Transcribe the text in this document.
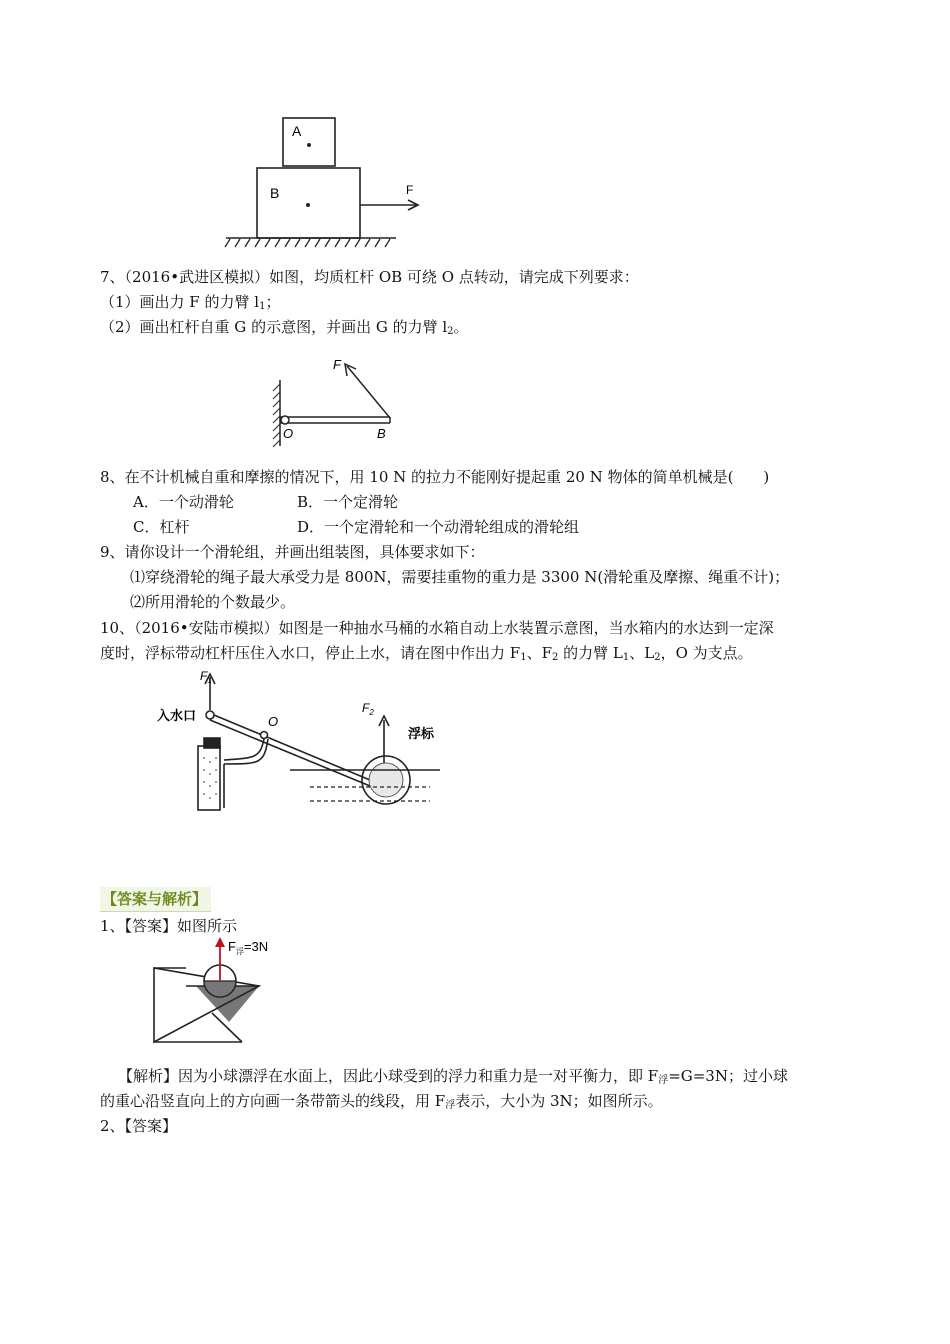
A
B	F
7、（2016•武进区模拟）如图，均质杠杆 OB 可绕 O 点转动，请完成下列要求：
（1）画出力 F 的力臂 $l_1$；
（2）画出杠杆自重 G 的示意图，并画出 G 的力臂 $l_2$。
F
O	B
8、在不计机械自重和摩擦的情况下，用 10 N 的拉力不能刚好提起重 20 N 物体的简单机械是(　　)
A．一个动滑轮	B．一个定滑轮
C．杠杆	D．一个定滑轮和一个动滑轮组成的滑轮组
9、请你设计一个滑轮组，并画出组装图，具体要求如下：
⑴穿绕滑轮的绳子最大承受力是 800N，需要挂重物的重力是 3300 N(滑轮重及摩擦、绳重不计)；
⑵所用滑轮的个数最少。
10、（2016•安陆市模拟）如图是一种抽水马桶的水箱自动上水装置示意图，当水箱内的水达到一定深
度时，浮标带动杠杆压住入水口，停止上水，请在图中作出力 $F_1$、$F_2$ 的力臂 $L_1$、$L_2$，O 为支点。
$F_1$
入水口	O
$F_2$
浮标
【答案与解析】
1、【答案】如图所示
$F_浮=3N$
【解析】因为小球漂浮在水面上，因此小球受到的浮力和重力是一对平衡力，即 $F_浮=G=3N$；过小球
的重心沿竖直向上的方向画一条带箭头的线段，用 $F_浮$表示，大小为 3N；如图所示。
2、【答案】
